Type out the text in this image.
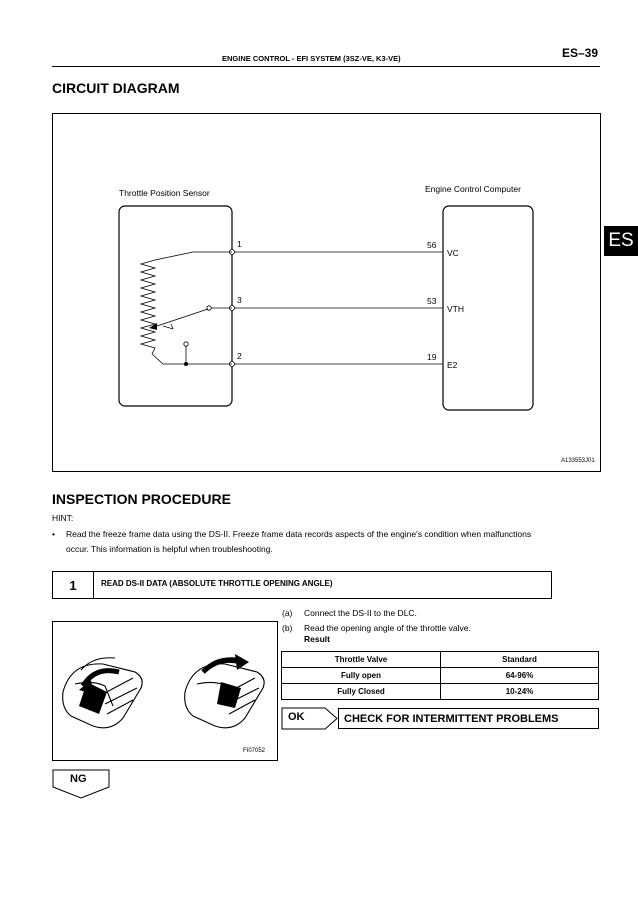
ENGINE CONTROL - EFI SYSTEM (3SZ-VE, K3-VE)	ES–39
ES
CIRCUIT DIAGRAM
Throttle Position Sensor	Engine Control Computer
1
3
2
56
53
19
VC
VTH
E2
A133553J01
INSPECTION PROCEDURE
HINT:
• Read the freeze frame data using the DS-II. Freeze frame data records aspects of the engine's condition when malfunctions
occur. This information is helpful when troubleshooting.
1	READ DS-II DATA (ABSOLUTE THROTTLE OPENING ANGLE)
FI07052
(a) Connect the DS-II to the DLC.
(b) Read the opening angle of the throttle valve.
Result
Throttle Valve	Standard
Fully open	64-96%
Fully Closed	10-24%
OK	CHECK FOR INTERMITTENT PROBLEMS
NG
